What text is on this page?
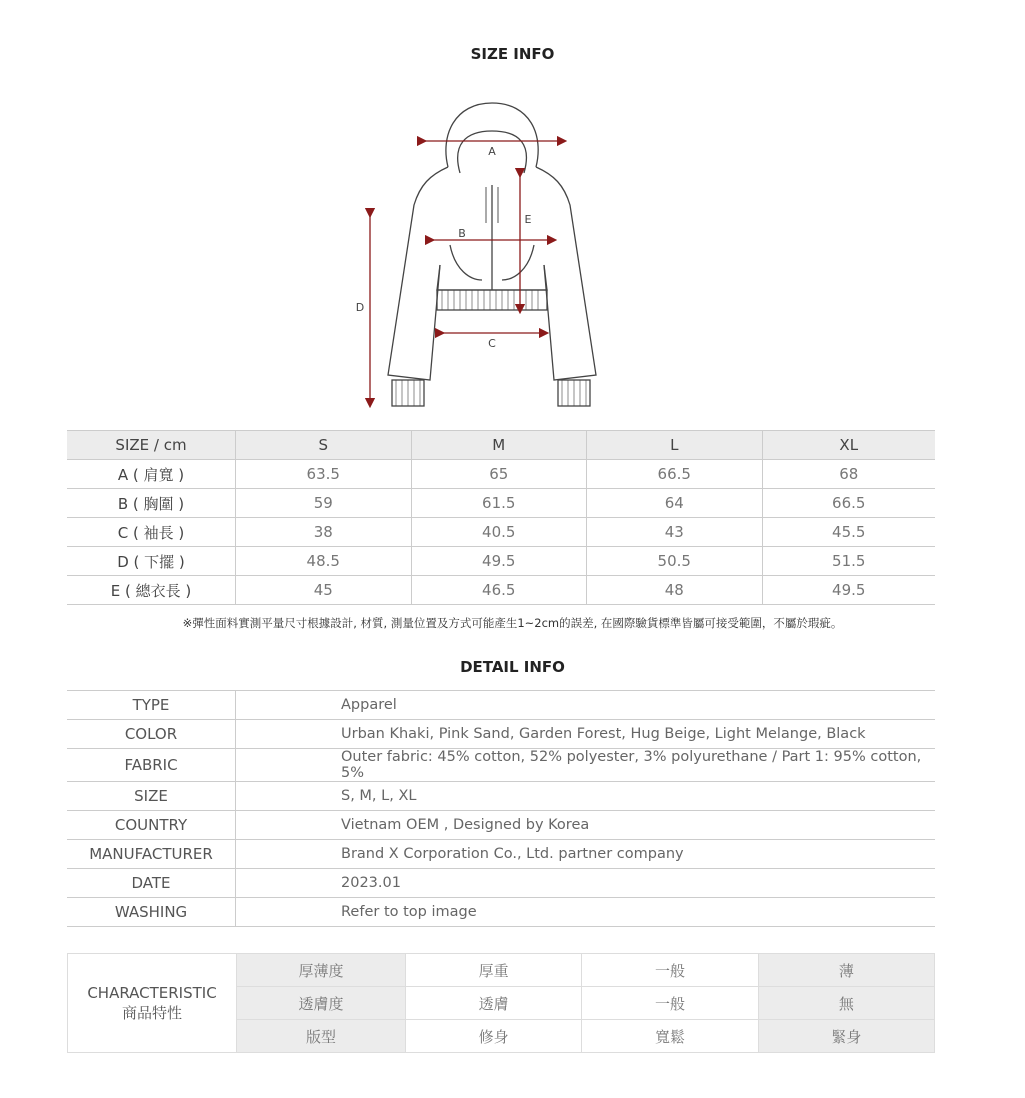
SIZE INFO
A
B
C
D
E
SIZE / cm	S	M	L	XL
A ( 肩寬 )	63.5	65	66.5	68
B ( 胸圍 )	59	61.5	64	66.5
C ( 袖長 )	38	40.5	43	45.5
D ( 下擺 )	48.5	49.5	50.5	51.5
E ( 總衣長 )	45	46.5	48	49.5
※彈性面料實測平量尺寸根據設計, 材質, 測量位置及方式可能產生1~2cm的誤差, 在國際驗貨標準皆屬可接受範圍，不屬於瑕疵。
DETAIL INFO
TYPE	Apparel
COLOR	Urban Khaki, Pink Sand, Garden Forest, Hug Beige, Light Melange, Black
FABRIC	Outer fabric: 45% cotton, 52% polyester, 3% polyurethane / Part 1: 95% cotton, 5%
SIZE	S, M, L, XL
COUNTRY	Vietnam OEM , Designed by Korea
MANUFACTURER	Brand X Corporation Co., Ltd. partner company
DATE	2023.01
WASHING	Refer to top image
CHARACTERISTIC
商品特性	厚薄度	厚重	一般	薄
	透膚度	透膚	一般	無
	版型	修身	寬鬆	緊身
